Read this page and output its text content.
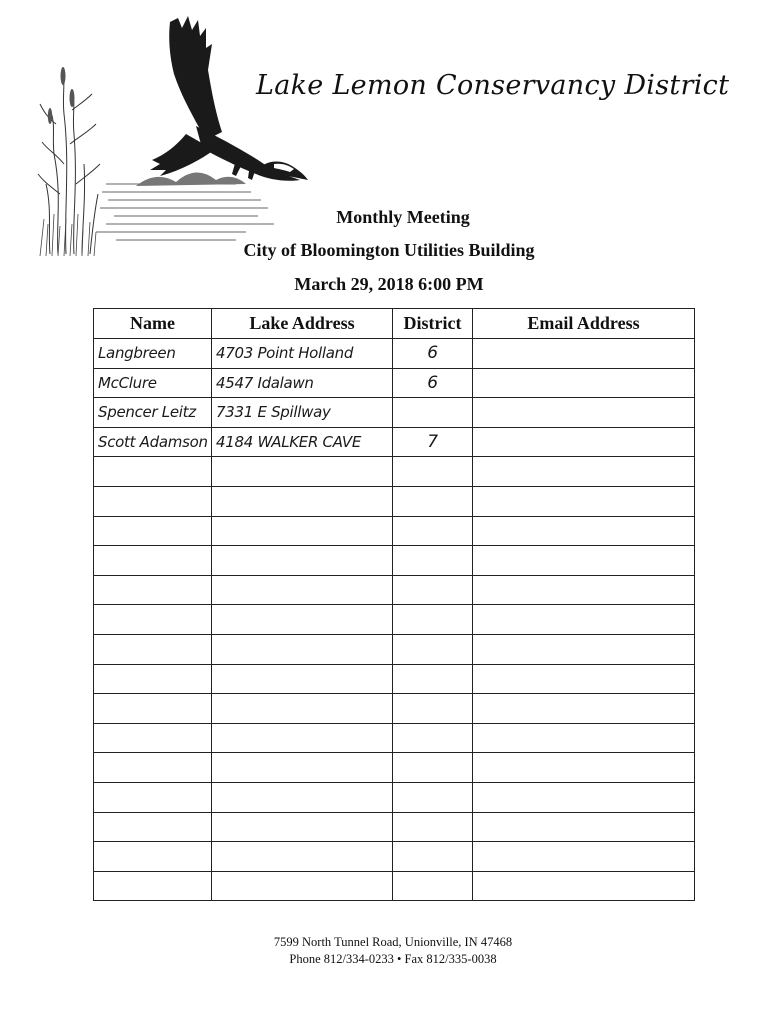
Lake Lemon Conservancy District
Monthly Meeting
City of Bloomington Utilities Building
March 29, 2018 6:00 PM
Name	Lake Address	District	Email Address
Langbreen	4703 Point Holland	6	
McClure	4547 Idalawn	6	
Spencer Leitz	7331 E Spillway		
Scott Adamson	4184 WALKER CAVE	7	

7599 North Tunnel Road, Unionville, IN 47468
Phone 812/334-0233 • Fax 812/335-0038
